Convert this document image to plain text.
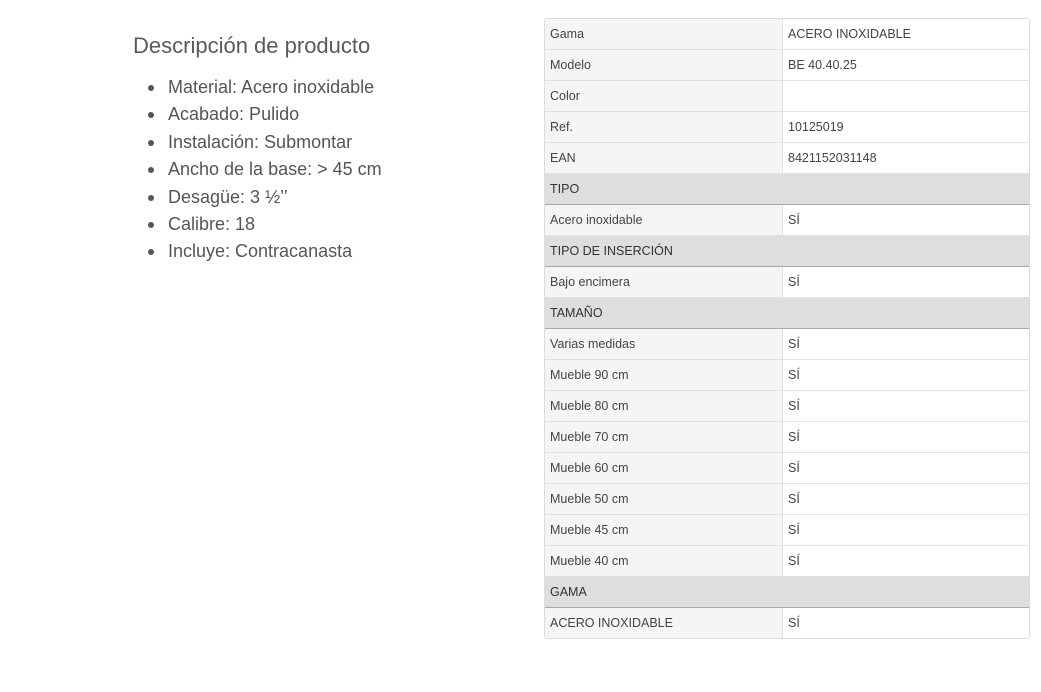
Descripción de producto
Material: Acero inoxidable
Acabado: Pulido
Instalación: Submontar
Ancho de la base: > 45 cm
Desagüe: 3 ½’’
Calibre: 18
Incluye: Contracanasta
Gama	ACERO INOXIDABLE
Modelo	BE 40.40.25
Color
Ref.	10125019
EAN	8421152031148
TIPO
Acero inoxidable	SÍ
TIPO DE INSERCIÓN
Bajo encimera	SÍ
TAMAÑO
Varias medidas	SÍ
Mueble 90 cm	SÍ
Mueble 80 cm	SÍ
Mueble 70 cm	SÍ
Mueble 60 cm	SÍ
Mueble 50 cm	SÍ
Mueble 45 cm	SÍ
Mueble 40 cm	SÍ
GAMA
ACERO INOXIDABLE	SÍ
